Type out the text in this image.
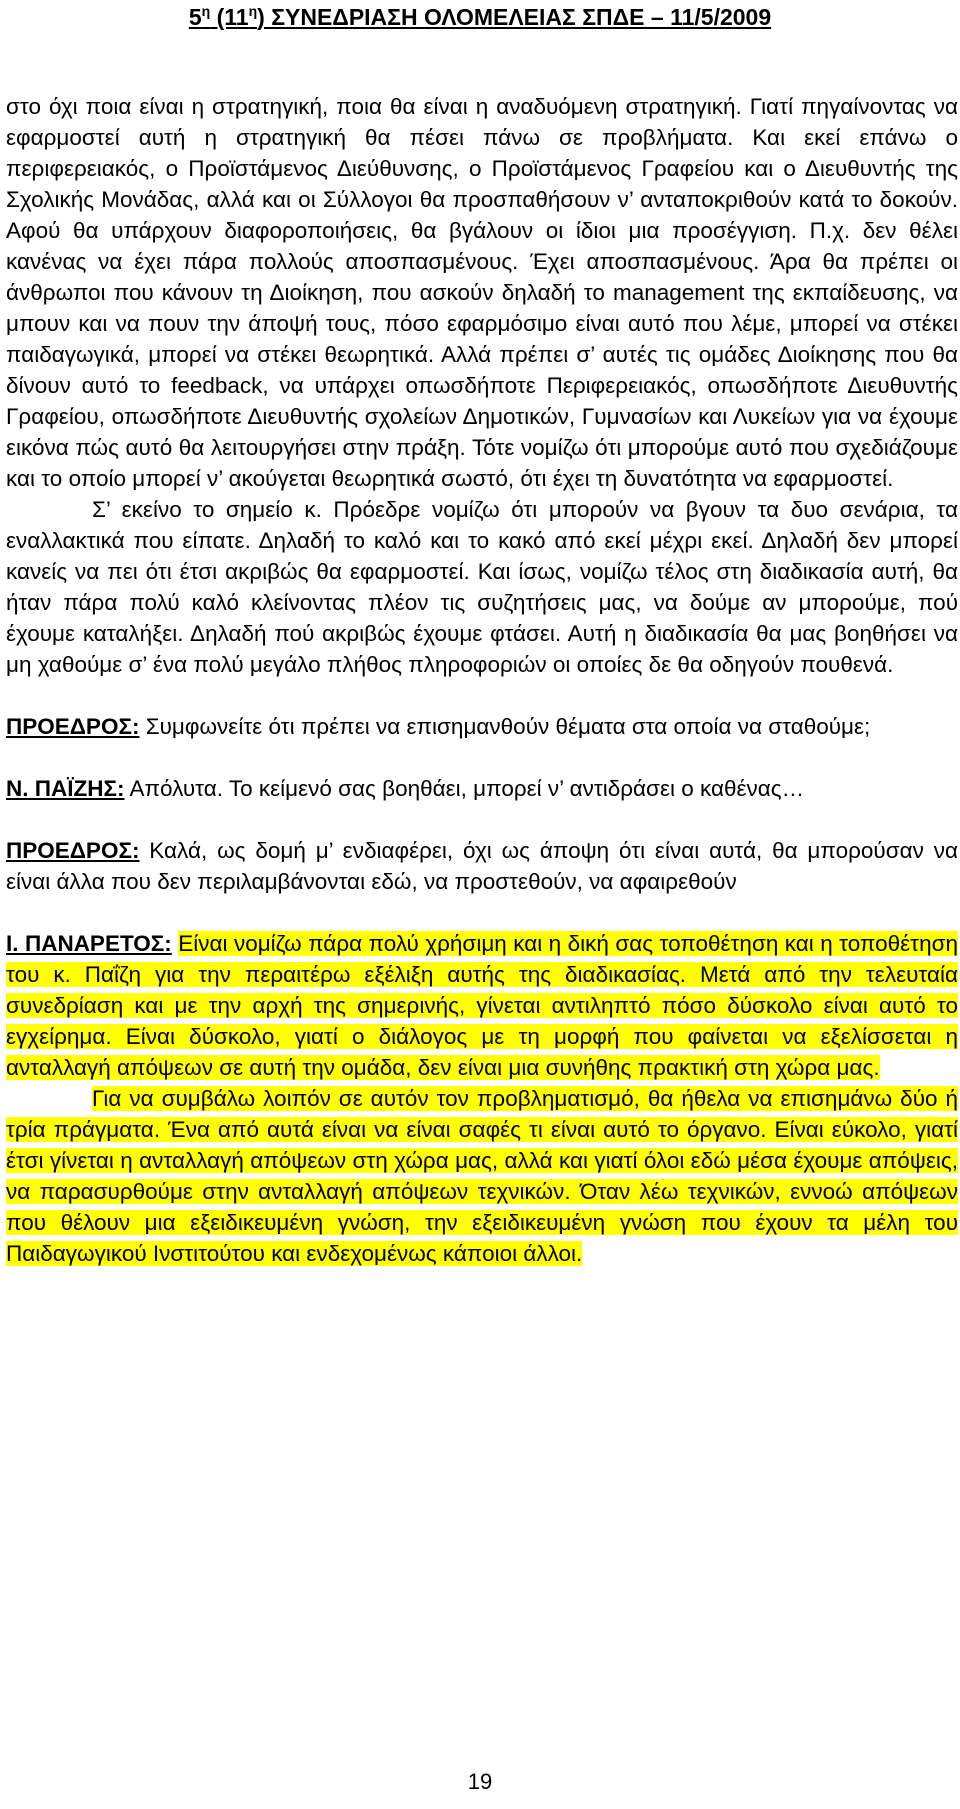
$5^\eta$ $(11^\eta)$ ΣΥΝΕΔΡΙΑΣΗ ΟΛΟΜΕΛΕΙΑΣ ΣΠΔΕ – 11/5/2009

στο όχι ποια είναι η στρατηγική, ποια θα είναι η αναδυόμενη στρατηγική. Γιατί πηγαίνοντας να εφαρμοστεί αυτή η στρατηγική θα πέσει πάνω σε προβλήματα. Και εκεί επάνω ο περιφερειακός, ο Προϊστάμενος Διεύθυνσης, ο Προϊστάμενος Γραφείου και ο Διευθυντής της Σχολικής Μονάδας, αλλά και οι Σύλλογοι θα προσπαθήσουν ν’ ανταποκριθούν κατά το δοκούν. Αφού θα υπάρχουν διαφοροποιήσεις, θα βγάλουν οι ίδιοι μια προσέγγιση. Π.χ. δεν θέλει κανένας να έχει πάρα πολλούς αποσπασμένους. Έχει αποσπασμένους. Άρα θα πρέπει οι άνθρωποι που κάνουν τη Διοίκηση, που ασκούν δηλαδή το management της εκπαίδευσης, να μπουν και να πουν την άποψή τους, πόσο εφαρμόσιμο είναι αυτό που λέμε, μπορεί να στέκει παιδαγωγικά, μπορεί να στέκει θεωρητικά. Αλλά πρέπει σ’ αυτές τις ομάδες Διοίκησης που θα δίνουν αυτό το feedback, να υπάρχει οπωσδήποτε Περιφερειακός, οπωσδήποτε Διευθυντής Γραφείου, οπωσδήποτε Διευθυντής σχολείων Δημοτικών, Γυμνασίων και Λυκείων για να έχουμε εικόνα πώς αυτό θα λειτουργήσει στην πράξη. Τότε νομίζω ότι μπορούμε αυτό που σχεδιάζουμε και το οποίο μπορεί ν’ ακούγεται θεωρητικά σωστό, ότι έχει τη δυνατότητα να εφαρμοστεί.

Σ’ εκείνο το σημείο κ. Πρόεδρε νομίζω ότι μπορούν να βγουν τα δυο σενάρια, τα εναλλακτικά που είπατε. Δηλαδή το καλό και το κακό από εκεί μέχρι εκεί. Δηλαδή δεν μπορεί κανείς να πει ότι έτσι ακριβώς θα εφαρμοστεί. Και ίσως, νομίζω τέλος στη διαδικασία αυτή, θα ήταν πάρα πολύ καλό κλείνοντας πλέον τις συζητήσεις μας, να δούμε αν μπορούμε, πού έχουμε καταλήξει. Δηλαδή πού ακριβώς έχουμε φτάσει. Αυτή η διαδικασία θα μας βοηθήσει να μη χαθούμε σ’ ένα πολύ μεγάλο πλήθος πληροφοριών οι οποίες δε θα οδηγούν πουθενά.

ΠΡΟΕΔΡΟΣ: Συμφωνείτε ότι πρέπει να επισημανθούν θέματα στα οποία να σταθούμε;

Ν. ΠΑΪΖΗΣ: Απόλυτα. Το κείμενό σας βοηθάει, μπορεί ν’ αντιδράσει ο καθένας…

ΠΡΟΕΔΡΟΣ: Καλά, ως δομή μ’ ενδιαφέρει, όχι ως άποψη ότι είναι αυτά, θα μπορούσαν να είναι άλλα που δεν περιλαμβάνονται εδώ, να προστεθούν, να αφαιρεθούν

Ι. ΠΑΝΑΡΕΤΟΣ: Είναι νομίζω πάρα πολύ χρήσιμη και η δική σας τοποθέτηση και η τοποθέτηση του κ. Παΐζη για την περαιτέρω εξέλιξη αυτής της διαδικασίας. Μετά από την τελευταία συνεδρίαση και με την αρχή της σημερινής, γίνεται αντιληπτό πόσο δύσκολο είναι αυτό το εγχείρημα. Είναι δύσκολο, γιατί ο διάλογος με τη μορφή που φαίνεται να εξελίσσεται η ανταλλαγή απόψεων σε αυτή την ομάδα, δεν είναι μια συνήθης πρακτική στη χώρα μας.

Για να συμβάλω λοιπόν σε αυτόν τον προβληματισμό, θα ήθελα να επισημάνω δύο ή τρία πράγματα. Ένα από αυτά είναι να είναι σαφές τι είναι αυτό το όργανο. Είναι εύκολο, γιατί έτσι γίνεται η ανταλλαγή απόψεων στη χώρα μας, αλλά και γιατί όλοι εδώ μέσα έχουμε απόψεις, να παρασυρθούμε στην ανταλλαγή απόψεων τεχνικών. Όταν λέω τεχνικών, εννοώ απόψεων που θέλουν μια εξειδικευμένη γνώση, την εξειδικευμένη γνώση που έχουν τα μέλη του Παιδαγωγικού Ινστιτούτου και ενδεχομένως κάποιοι άλλοι.

19
